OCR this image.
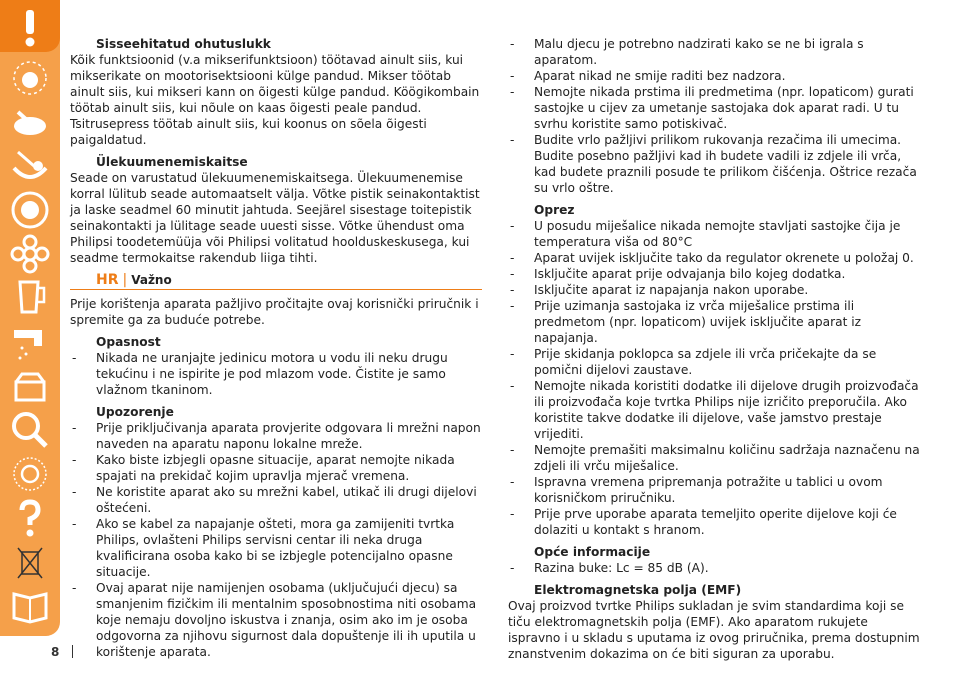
Sisseehitatud ohutuslukk

Kõik funktsioonid (v.a mikserifunktsioon) töötavad ainult siis, kui mikserikate on mootorisektsiooni külge pandud. Mikser töötab ainult siis, kui mikseri kann on õigesti külge pandud. Köögikombain töötab ainult siis, kui nõule on kaas õigesti peale pandud. Tsitrusepress töötab ainult siis, kui koonus on sõela õigesti paigaldatud.

Ülekuumenemiskaitse

Seade on varustatud ülekuumenemiskaitsega. Ülekuumenemise korral lülitub seade automaatselt välja. Võtke pistik seinakontaktist ja laske seadmel 60 minutit jahtuda. Seejärel sisestage toitepistik seinakontakti ja lülitage seade uuesti sisse. Võtke ühendust oma Philipsi toodetemüüja või Philipsi volitatud hoolduskeskusega, kui seadme termokaitse rakendub liiga tihti.

HR | Važno

Prije korištenja aparata pažljivo pročitajte ovaj korisnički priručnik i spremite ga za buduće potrebe.

Opasnost

- Nikada ne uranjajte jedinicu motora u vodu ili neku drugu tekućinu i ne ispirite je pod mlazom vode. Čistite je samo vlažnom tkaninom.

Upozorenje

- Prije priključivanja aparata provjerite odgovara li mrežni napon naveden na aparatu naponu lokalne mreže.
- Kako biste izbjegli opasne situacije, aparat nemojte nikada spajati na prekidač kojim upravlja mjerač vremena.
- Ne koristite aparat ako su mrežni kabel, utikač ili drugi dijelovi oštećeni.
- Ako se kabel za napajanje ošteti, mora ga zamijeniti tvrtka Philips, ovlašteni Philips servisni centar ili neka druga kvalificirana osoba kako bi se izbjegle potencijalno opasne situacije.
- Ovaj aparat nije namijenjen osobama (uključujući djecu) sa smanjenim fizičkim ili mentalnim sposobnostima niti osobama koje nemaju dovoljno iskustva i znanja, osim ako im je osoba odgovorna za njihovu sigurnost dala dopuštenje ili ih uputila u korištenje aparata.
- Malu djecu je potrebno nadzirati kako se ne bi igrala s aparatom.
- Aparat nikad ne smije raditi bez nadzora.
- Nemojte nikada prstima ili predmetima (npr. lopaticom) gurati sastojke u cijev za umetanje sastojaka dok aparat radi. U tu svrhu koristite samo potiskivač.
- Budite vrlo pažljivi prilikom rukovanja rezačima ili umecima. Budite posebno pažljivi kad ih budete vadili iz zdjele ili vrča, kad budete praznili posude te prilikom čišćenja. Oštrice rezača su vrlo oštre.

Oprez

- U posudu miješalice nikada nemojte stavljati sastojke čija je temperatura viša od 80°C
- Aparat uvijek isključite tako da regulator okrenete u položaj 0.
- Isključite aparat prije odvajanja bilo kojeg dodatka.
- Isključite aparat iz napajanja nakon uporabe.
- Prije uzimanja sastojaka iz vrča miješalice prstima ili predmetom (npr. lopaticom) uvijek isključite aparat iz napajanja.
- Prije skidanja poklopca sa zdjele ili vrča pričekajte da se pomični dijelovi zaustave.
- Nemojte nikada koristiti dodatke ili dijelove drugih proizvođača ili proizvođača koje tvrtka Philips nije izričito preporučila. Ako koristite takve dodatke ili dijelove, vaše jamstvo prestaje vrijediti.
- Nemojte premašiti maksimalnu količinu sadržaja naznačenu na zdjeli ili vrču miješalice.
- Ispravna vremena pripremanja potražite u tablici u ovom korisničkom priručniku.
- Prije prve uporabe aparata temeljito operite dijelove koji će dolaziti u kontakt s hranom.

Opće informacije

- Razina buke: Lc = 85 dB (A).

Elektromagnetska polja (EMF)

Ovaj proizvod tvrtke Philips sukladan je svim standardima koji se tiču elektromagnetskih polja (EMF). Ako aparatom rukujete ispravno i u skladu s uputama iz ovog priručnika, prema dostupnim znanstvenim dokazima on će biti siguran za uporabu.

8
